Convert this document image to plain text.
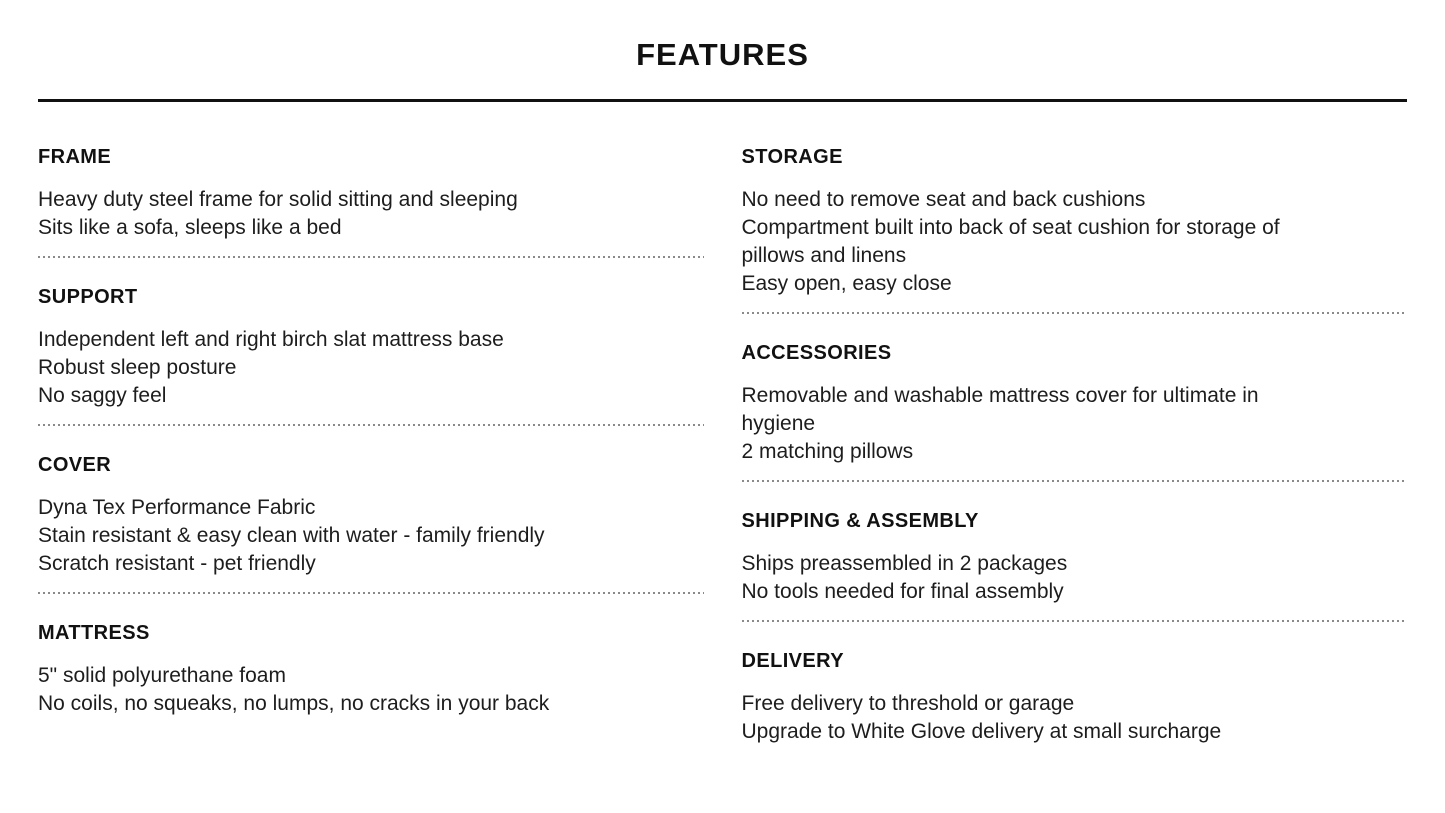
FEATURES
FRAME

Heavy duty steel frame for solid sitting and sleeping
Sits like a sofa, sleeps like a bed

SUPPORT

Independent left and right birch slat mattress base
Robust sleep posture
No saggy feel

COVER

Dyna Tex Performance Fabric
Stain resistant & easy clean with water - family friendly
Scratch resistant - pet friendly

MATTRESS

5" solid polyurethane foam
No coils, no squeaks, no lumps, no cracks in your back

STORAGE

No need to remove seat and back cushions
Compartment built into back of seat cushion for storage of pillows and linens
Easy open, easy close

ACCESSORIES

Removable and washable mattress cover for ultimate in hygiene
2 matching pillows

SHIPPING & ASSEMBLY

Ships preassembled in 2 packages
No tools needed for final assembly

DELIVERY

Free delivery to threshold or garage
Upgrade to White Glove delivery at small surcharge
